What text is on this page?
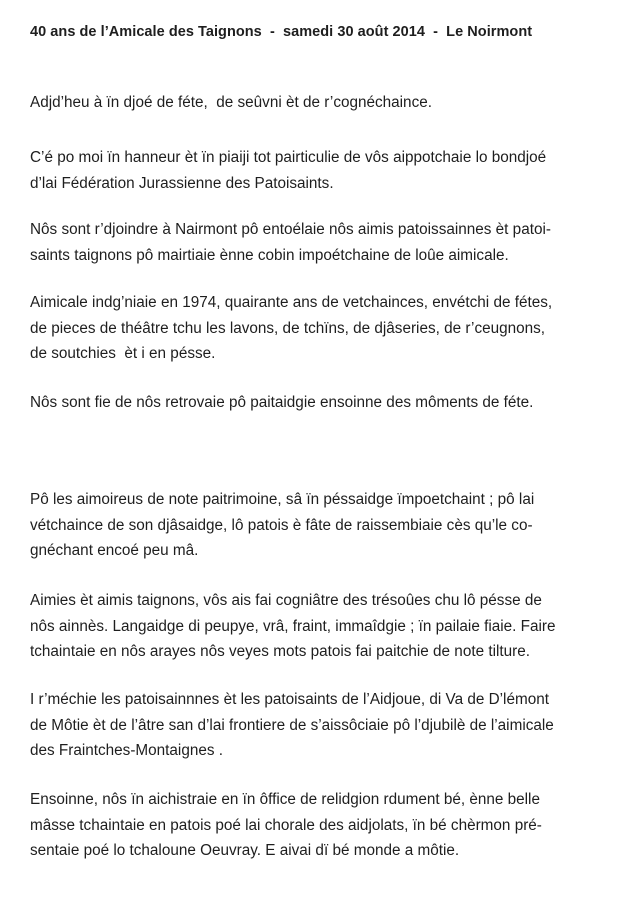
40 ans de l’Amicale des Taignons  -  samedi 30 août 2014  -  Le Noirmont
Adjd’heu à ïn djoé de féte,  de seûvni èt de r’cognéchaince.
C’é po moi ïn hanneur èt ïn piaiji tot pairticulie de vôs aippotchaie lo bondjoé
d’lai Fédération Jurassienne des Patoisaints.
Nôs sont r’djoindre à Nairmont pô entoélaie nôs aimis patoissainnes èt patoi-
saints taignons pô mairtiaie ènne cobin impoétchaine de loûe aimicale.
Aimicale indg’niaie en 1974, quairante ans de vetchainces, envétchi de fétes,
de pieces de théâtre tchu les lavons, de tchïns, de djâseries, de r’ceugnons,
de soutchies  èt i en pésse.
Nôs sont fie de nôs retrovaie pô paitaidgie ensoinne des môments de féte.
Pô les aimoireus de note paitrimoine, sâ ïn péssaidge ïmpoetchaint ; pô lai
vétchaince de son djâsaidge, lô patois è fâte de raissembiaie cès qu’le co-
gnéchant encoé peu mâ.
Aimies èt aimis taignons, vôs ais fai cogniâtre des trésoûes chu lô pésse de
nôs ainnès. Langaidge di peupye, vrâ, fraint, immaîdgie ; ïn pailaie fiaie. Faire
tchaintaie en nôs arayes nôs veyes mots patois fai paitchie de note tilture.
I r’méchie les patoisainnnes èt les patoisaints de l’Aidjoue, di Va de D’lémont
de Môtie èt de l’âtre san d’lai frontiere de s’aissôciaie pô l’djubilè de l’aimicale
des Fraintches-Montaignes .
Ensoinne, nôs ïn aichistraie en ïn ôffice de relidgion rdument bé, ènne belle
mâsse tchaintaie en patois poé lai chorale des aidjolats, ïn bé chèrmon pré-
sentaie poé lo tchaloune Oeuvray. E aivai dï bé monde a môtie.
